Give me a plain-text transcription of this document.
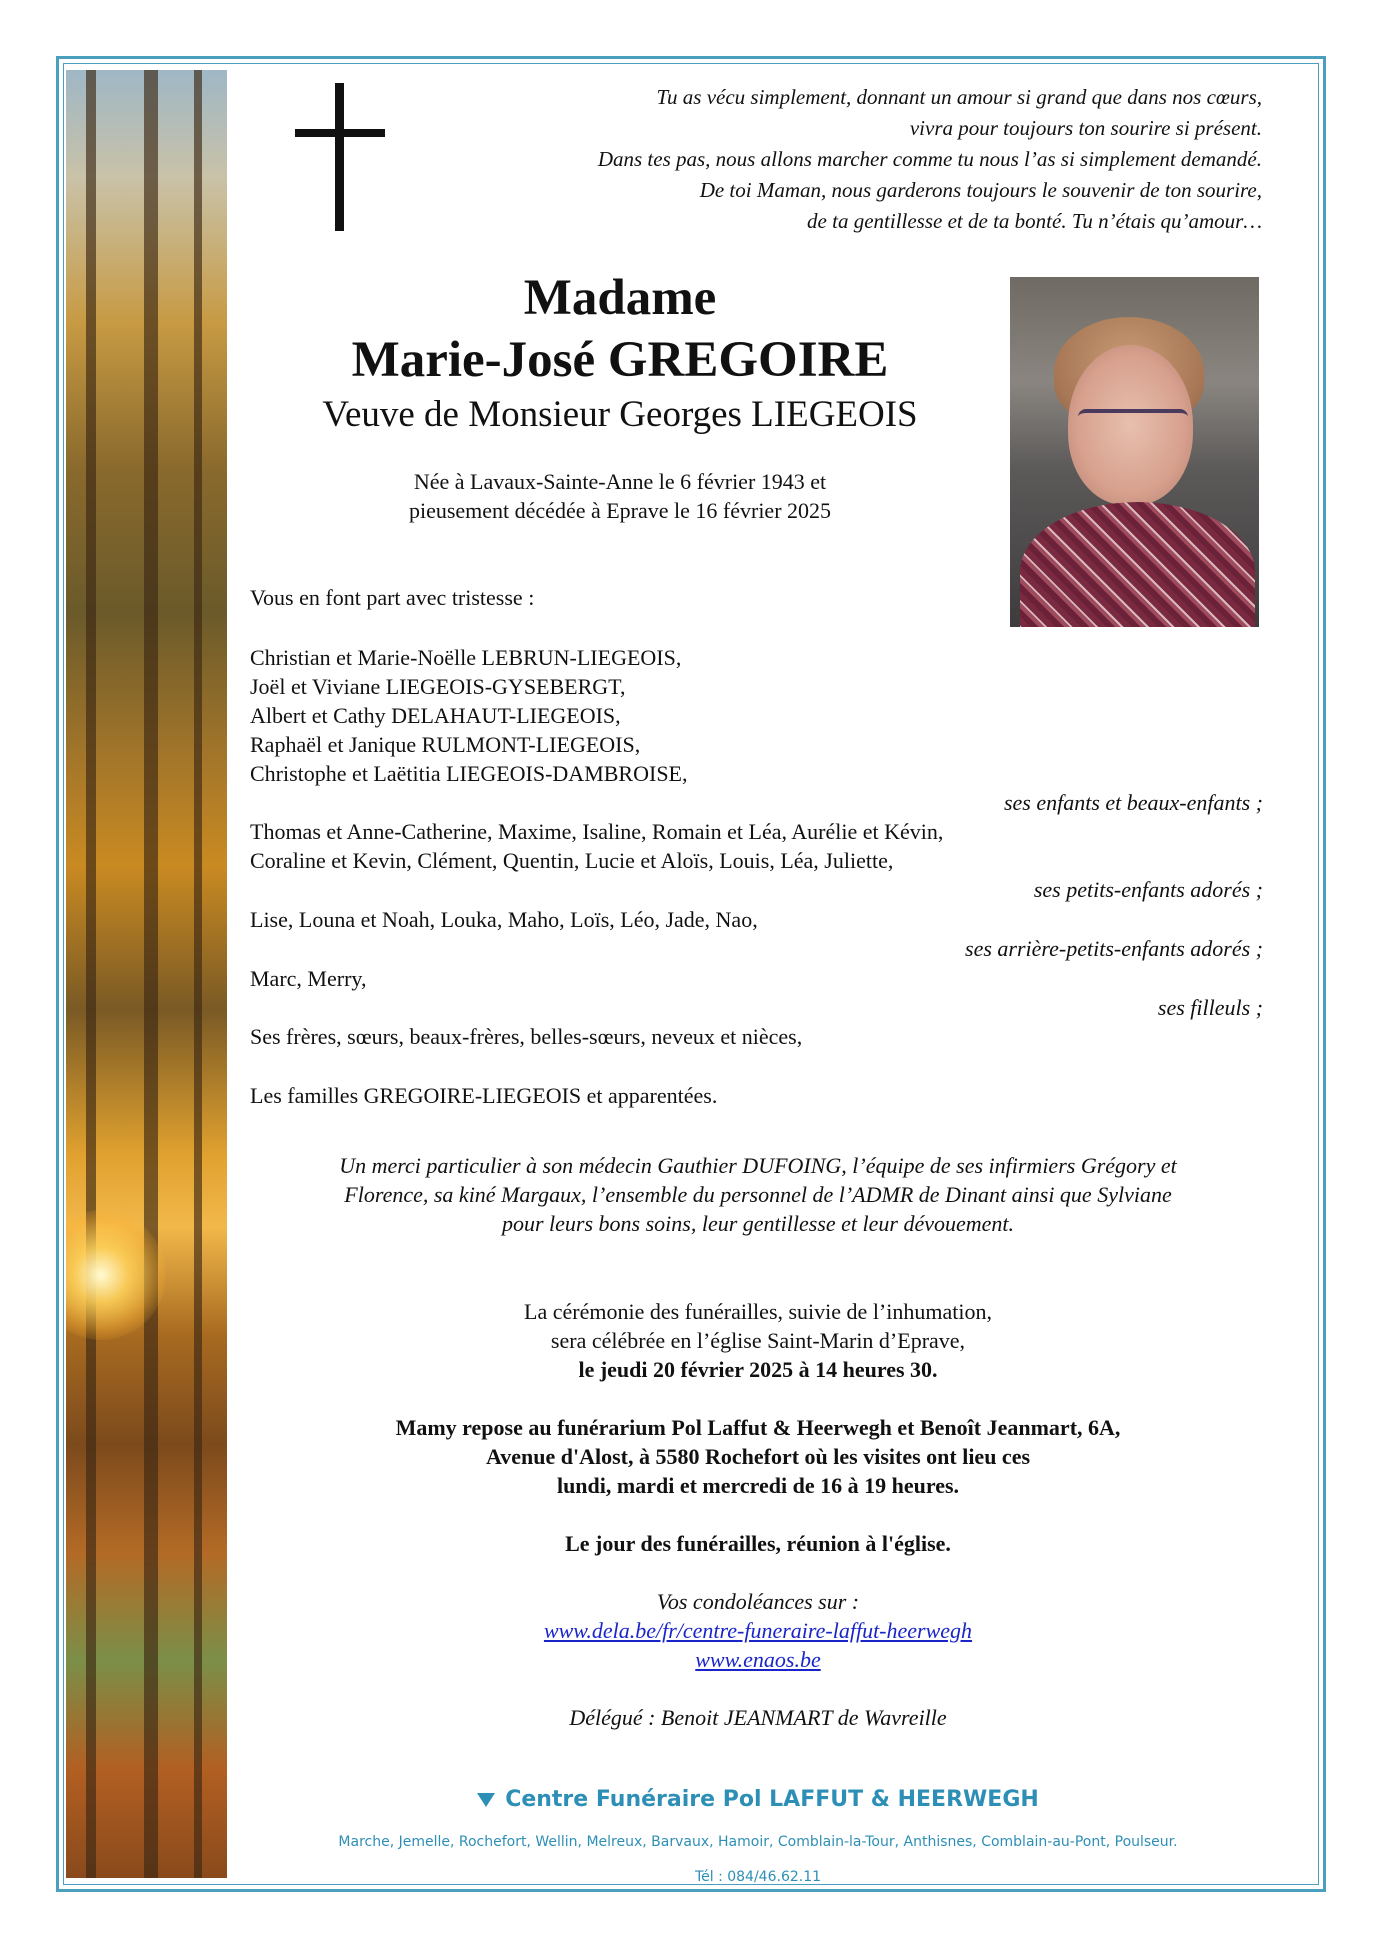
Tu as vécu simplement, donnant un amour si grand que dans nos cœurs,
vivra pour toujours ton sourire si présent.
Dans tes pas, nous allons marcher comme tu nous l’as si simplement demandé.
De toi Maman, nous garderons toujours le souvenir de ton sourire,
de ta gentillesse et de ta bonté. Tu n’étais qu’amour…
Madame
Marie-José GREGOIRE
Veuve de Monsieur Georges LIEGEOIS
Née à Lavaux-Sainte-Anne le 6 février 1943 et
pieusement décédée à Eprave le 16 février 2025
Vous en font part avec tristesse :
Christian et Marie-Noëlle LEBRUN-LIEGEOIS,
Joël et Viviane LIEGEOIS-GYSEBERGT,
Albert et Cathy DELAHAUT-LIEGEOIS,
Raphaël et Janique RULMONT-LIEGEOIS,
Christophe et Laëtitia LIEGEOIS-DAMBROISE,
ses enfants et beaux-enfants ;
Thomas et Anne-Catherine, Maxime, Isaline, Romain et Léa, Aurélie et Kévin,
Coraline et Kevin, Clément, Quentin, Lucie et Aloïs, Louis, Léa, Juliette,
ses petits-enfants adorés ;
Lise, Louna et Noah, Louka, Maho, Loïs, Léo, Jade, Nao,
ses arrière-petits-enfants adorés ;
Marc, Merry,
ses filleuls ;
Ses frères, sœurs, beaux-frères, belles-sœurs, neveux et nièces,
Les familles GREGOIRE-LIEGEOIS et apparentées.
Un merci particulier à son médecin Gauthier DUFOING, l’équipe de ses infirmiers Grégory et
Florence, sa kiné Margaux, l’ensemble du personnel de l’ADMR de Dinant ainsi que Sylviane
pour leurs bons soins, leur gentillesse et leur dévouement.
La cérémonie des funérailles, suivie de l’inhumation,
sera célébrée en l’église Saint-Marin d’Eprave,
le jeudi 20 février 2025 à 14 heures 30.
Mamy repose au funérarium Pol Laffut & Heerwegh et Benoît Jeanmart, 6A,
Avenue d'Alost, à 5580 Rochefort où les visites ont lieu ces
lundi, mardi et mercredi de 16 à 19 heures.
Le jour des funérailles, réunion à l'église.
Vos condoléances sur :
www.dela.be/fr/centre-funeraire-laffut-heerwegh
www.enaos.be
Délégué : Benoit JEANMART de Wavreille
Centre Funéraire Pol LAFFUT & HEERWEGH
Marche, Jemelle, Rochefort, Wellin, Melreux, Barvaux, Hamoir, Comblain-la-Tour, Anthisnes, Comblain-au-Pont, Poulseur.
Tél : 084/46.62.11
